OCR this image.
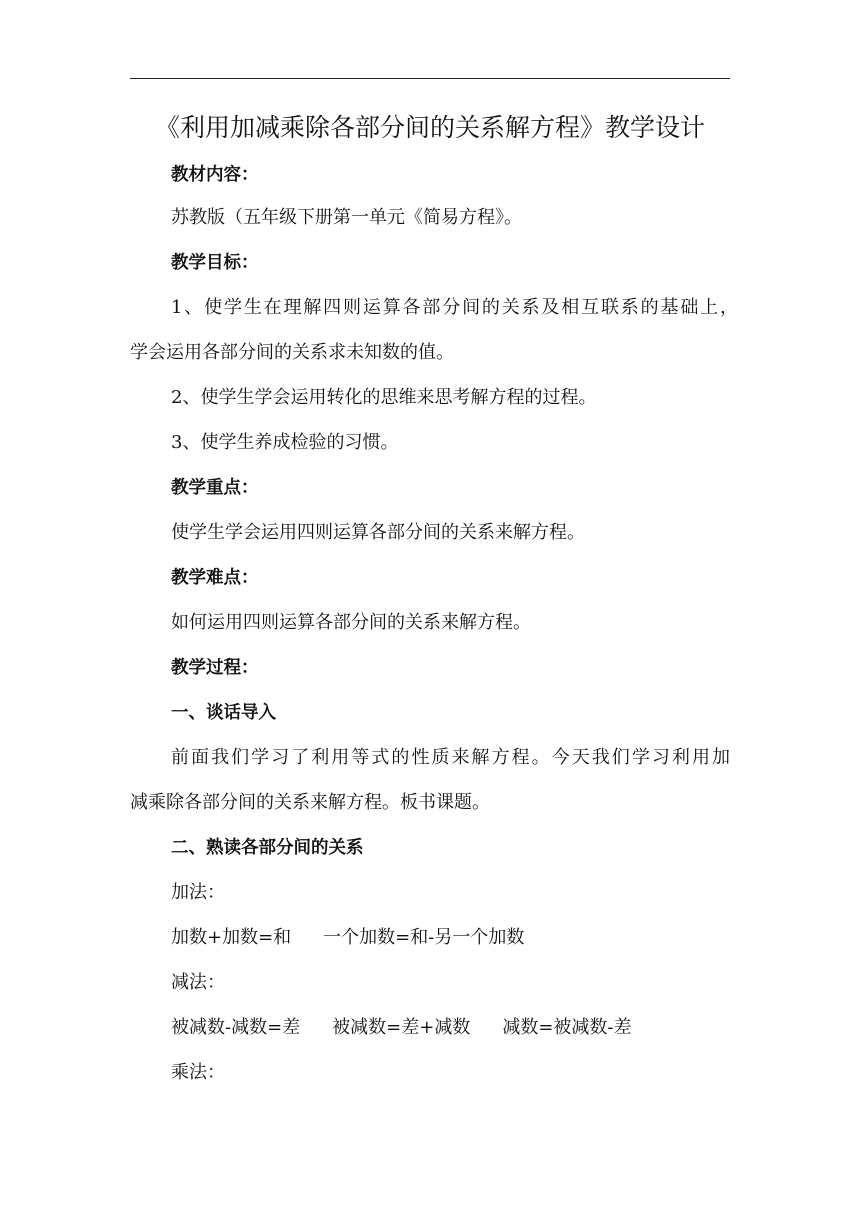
《利用加减乘除各部分间的关系解方程》教学设计
教材内容：
苏教版（五年级下册第一单元《简易方程》。
教学目标：
1、使学生在理解四则运算各部分间的关系及相互联系的基础上，
学会运用各部分间的关系求未知数的值。
2、使学生学会运用转化的思维来思考解方程的过程。
3、使学生养成检验的习惯。
教学重点：
使学生学会运用四则运算各部分间的关系来解方程。
教学难点：
如何运用四则运算各部分间的关系来解方程。
教学过程：
一、谈话导入
前面我们学习了利用等式的性质来解方程。今天我们学习利用加
减乘除各部分间的关系来解方程。板书课题。
二、熟读各部分间的关系
加法：
加数+加数=和 一个加数=和-另一个加数
减法：
被减数-减数=差 被减数=差+减数 减数=被减数-差
乘法：
